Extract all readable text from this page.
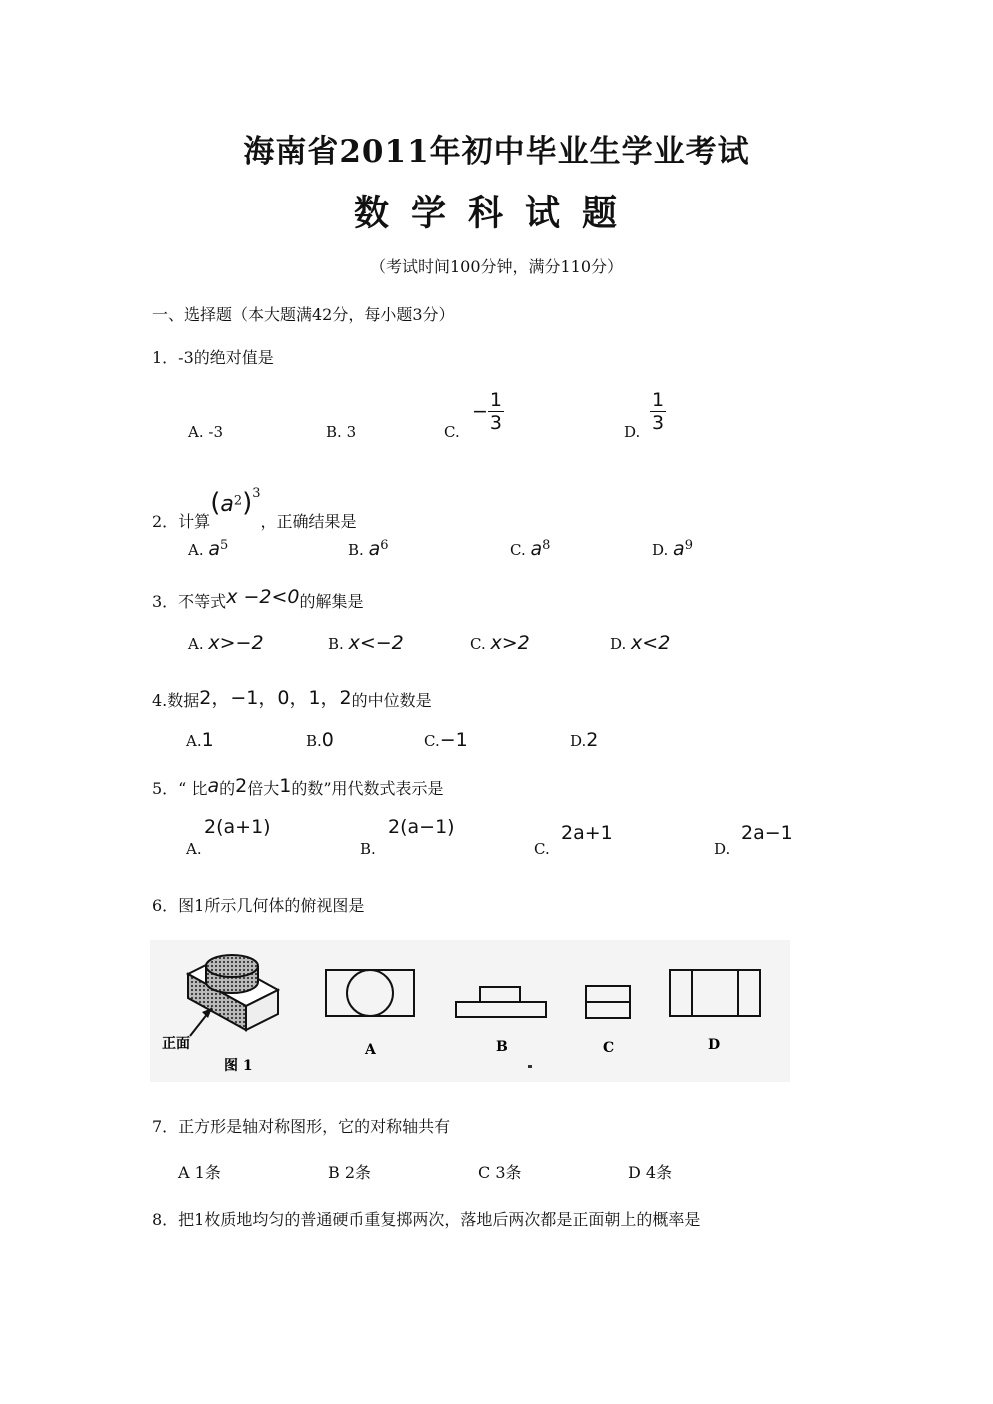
海南省2011年初中毕业生学业考试
数学科试题
（考试时间100分钟，满分110分）
一、选择题（本大题满42分，每小题3分）
1．-3的绝对值是
A. -3	B. 3	C.
− $\frac{1}{3}$	D. $\frac{1}{3}$
2．计算$(a^2)^3$，正确结果是
A. $a^5$	B. $a^6$	C. $a^8$	D. $a^9$
3．不等式x −2<0的解集是
A. x>−2	B. x<−2	C. x>2	D. x<2
4.数据2，−1，0，1，2的中位数是
A.1	B.0	C.−1	D.2
5．“ 比a的2倍大1的数”用代数式表示是
A.
2(a+1)
B.
2(a−1)
C.
2a+1
D.
2a−1
6．图1所示几何体的俯视图是
正面
图 1
A	B	C	D
7．正方形是轴对称图形，它的对称轴共有
A 1条	B 2条	C 3条	D 4条
8．把1枚质地均匀的普通硬币重复掷两次，落地后两次都是正面朝上的概率是
